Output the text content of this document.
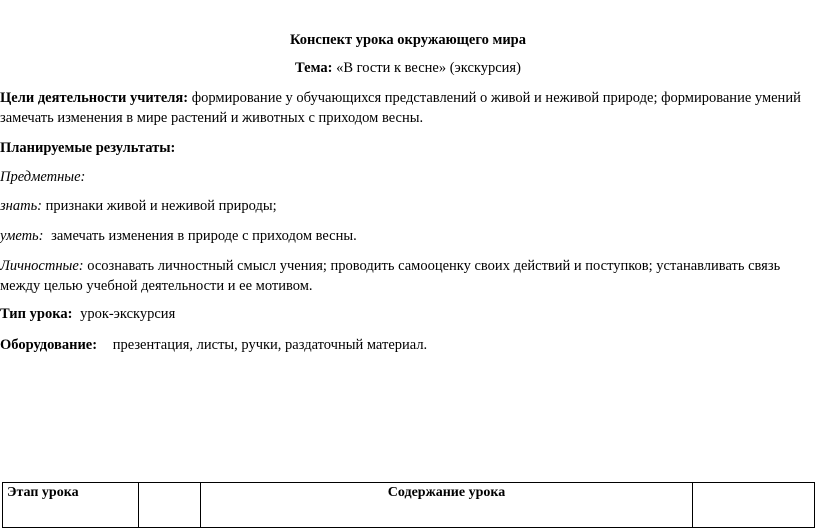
Конспект урока окружающего мира
Тема: «В гости к весне» (экскурсия)
Цели деятельности учителя: формирование у обучающихся представлений о живой и неживой природе; формирование умений
замечать изменения в мире растений и животных с приходом весны.
Планируемые результаты:
Предметные:
знать: признаки живой и неживой природы;
уметь: замечать изменения в природе с приходом весны.
Личностные: осознавать личностный смысл учения; проводить самооценку своих действий и поступков; устанавливать связь
между целью учебной деятельности и ее мотивом.
Тип урока: урок-экскурсия
Оборудование: презентация, листы, ручки, раздаточный материал.
Этап урока		Содержание урока	
